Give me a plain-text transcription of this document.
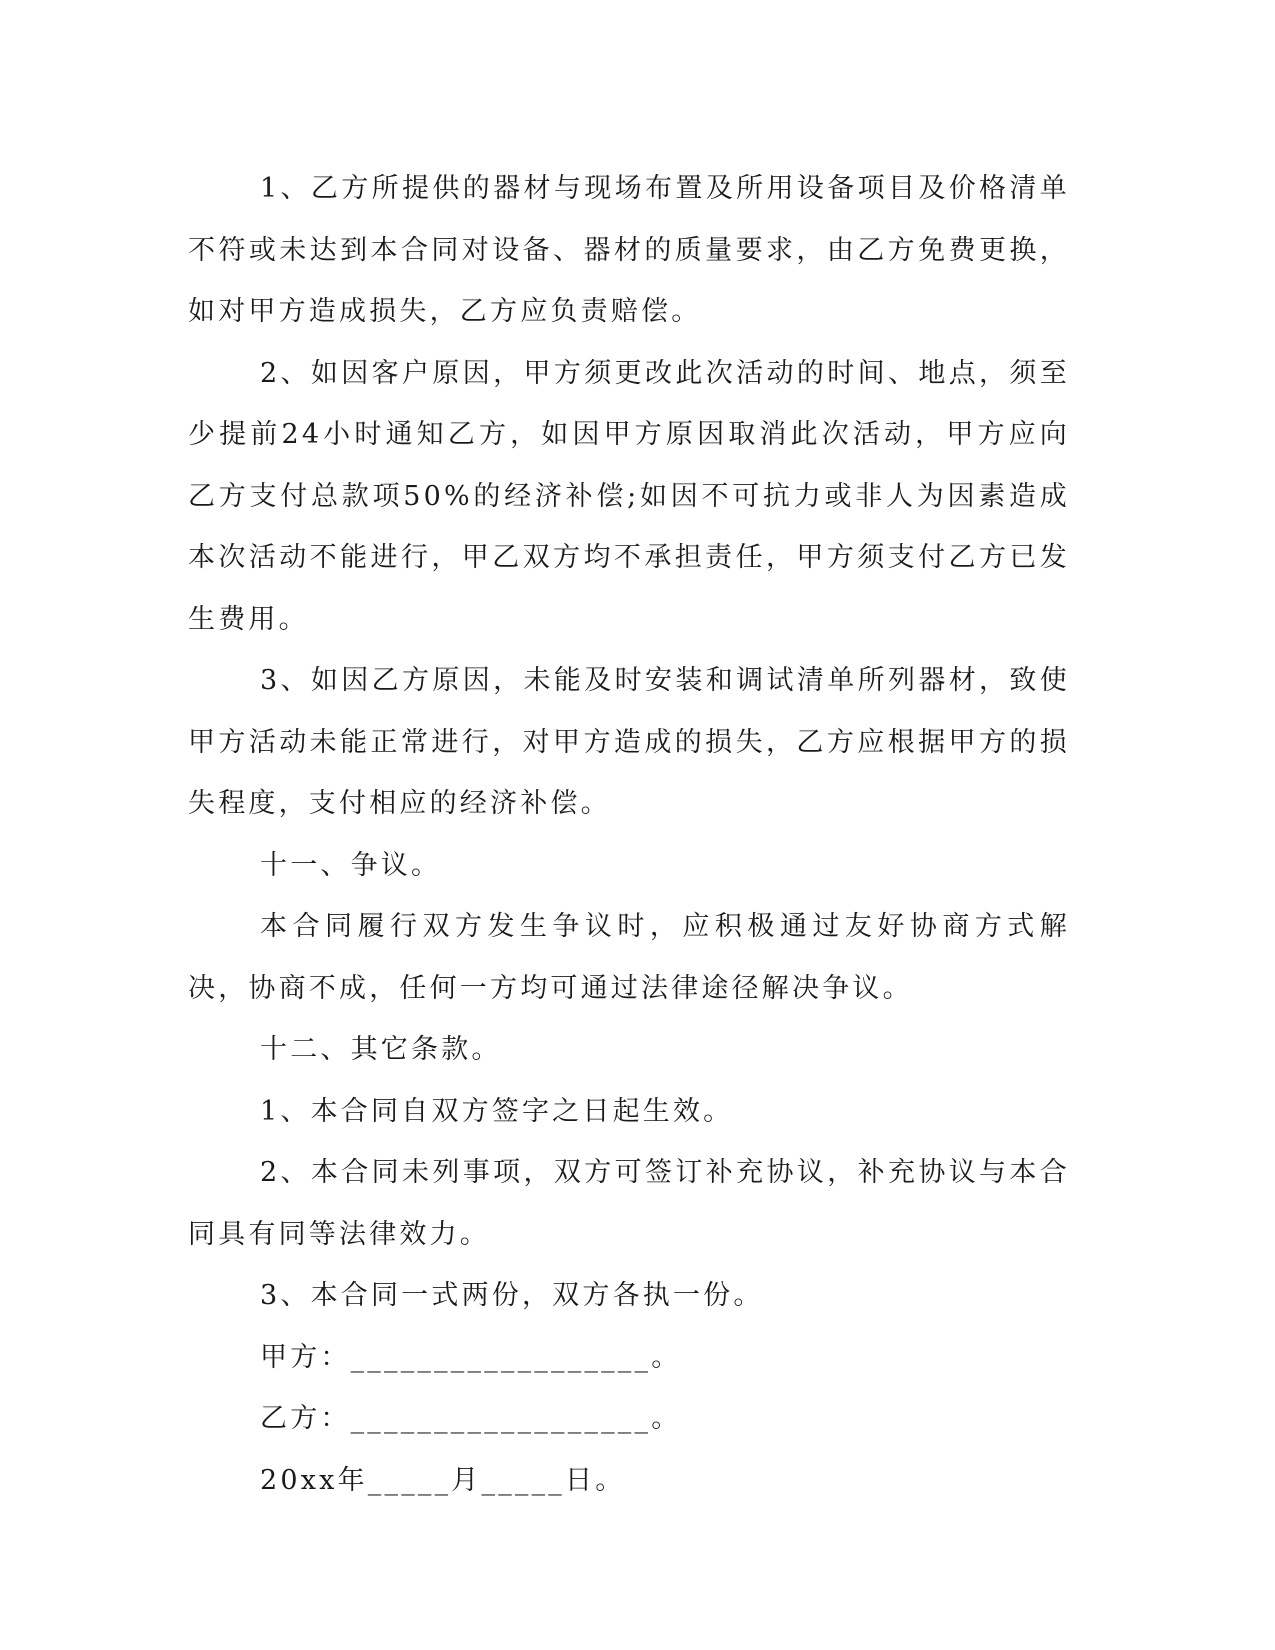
1、乙方所提供的器材与现场布置及所用设备项目及价格清单不符或未达到本合同对设备、器材的质量要求，由乙方免费更换，如对甲方造成损失，乙方应负责赔偿。

2、如因客户原因，甲方须更改此次活动的时间、地点，须至少提前24小时通知乙方，如因甲方原因取消此次活动，甲方应向乙方支付总款项50%的经济补偿;如因不可抗力或非人为因素造成本次活动不能进行，甲乙双方均不承担责任，甲方须支付乙方已发生费用。

3、如因乙方原因，未能及时安装和调试清单所列器材，致使甲方活动未能正常进行，对甲方造成的损失，乙方应根据甲方的损失程度，支付相应的经济补偿。

十一、争议。

本合同履行双方发生争议时，应积极通过友好协商方式解决，协商不成，任何一方均可通过法律途径解决争议。

十二、其它条款。

1、本合同自双方签字之日起生效。

2、本合同未列事项，双方可签订补充协议，补充协议与本合同具有同等法律效力。

3、本合同一式两份，双方各执一份。

甲方：__________________。

乙方：__________________。

20xx年_____月_____日。
